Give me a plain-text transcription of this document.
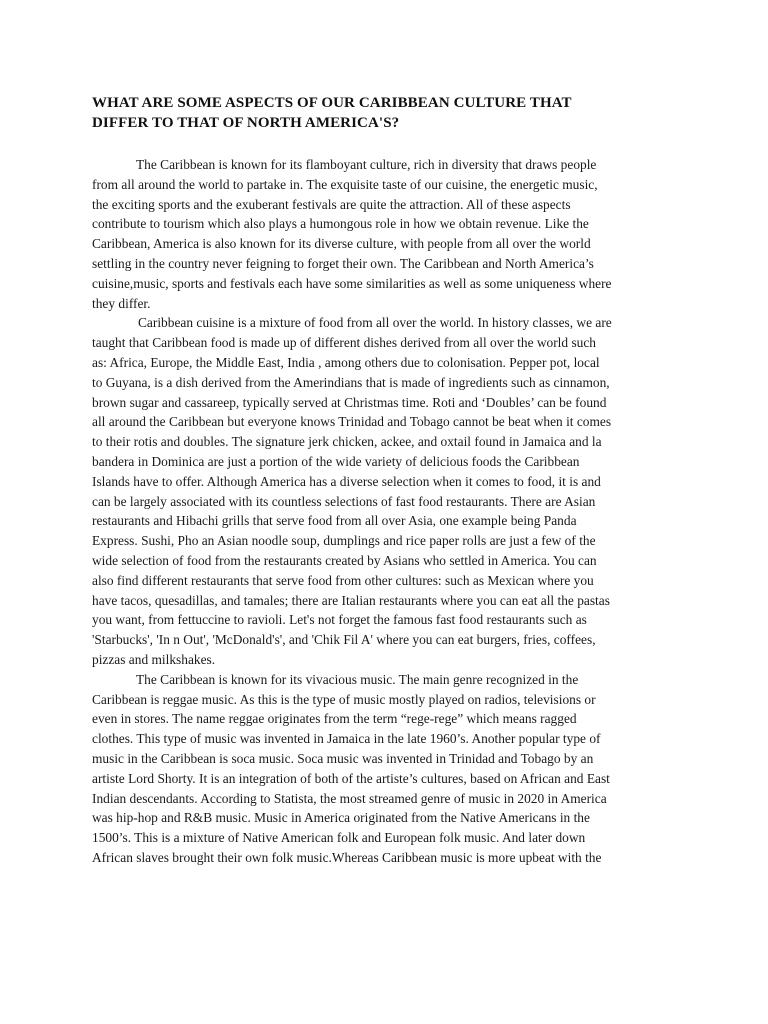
WHAT ARE SOME ASPECTS OF OUR CARIBBEAN CULTURE THAT
DIFFER TO THAT OF NORTH AMERICA'S?
The Caribbean is known for its flamboyant culture, rich in diversity that draws people
from all around the world to partake in. The exquisite taste of our cuisine, the energetic music,
the exciting sports and the exuberant festivals are quite the attraction. All of these aspects
contribute to tourism which also plays a humongous role in how we obtain revenue. Like the
Caribbean, America is also known for its diverse culture, with people from all over the world
settling in the country never feigning to forget their own. The Caribbean and North America’s
cuisine,music, sports and festivals each have some similarities as well as some uniqueness where
they differ.
Caribbean cuisine is a mixture of food from all over the world. In history classes, we are
taught that Caribbean food is made up of different dishes derived from all over the world such
as: Africa, Europe, the Middle East, India , among others due to colonisation. Pepper pot, local
to Guyana, is a dish derived from the Amerindians that is made of ingredients such as cinnamon,
brown sugar and cassareep, typically served at Christmas time. Roti and ‘Doubles’ can be found
all around the Caribbean but everyone knows Trinidad and Tobago cannot be beat when it comes
to their rotis and doubles. The signature jerk chicken, ackee, and oxtail found in Jamaica and la
bandera in Dominica are just a portion of the wide variety of delicious foods the Caribbean
Islands have to offer. Although America has a diverse selection when it comes to food, it is and
can be largely associated with its countless selections of fast food restaurants. There are Asian
restaurants and Hibachi grills that serve food from all over Asia, one example being Panda
Express. Sushi, Pho an Asian noodle soup, dumplings and rice paper rolls are just a few of the
wide selection of food from the restaurants created by Asians who settled in America. You can
also find different restaurants that serve food from other cultures: such as Mexican where you
have tacos, quesadillas, and tamales; there are Italian restaurants where you can eat all the pastas
you want, from fettuccine to ravioli. Let's not forget the famous fast food restaurants such as
'Starbucks', 'In n Out', 'McDonald's', and 'Chik Fil A' where you can eat burgers, fries, coffees,
pizzas and milkshakes.
The Caribbean is known for its vivacious music. The main genre recognized in the
Caribbean is reggae music. As this is the type of music mostly played on radios, televisions or
even in stores. The name reggae originates from the term “rege-rege” which means ragged
clothes. This type of music was invented in Jamaica in the late 1960’s. Another popular type of
music in the Caribbean is soca music. Soca music was invented in Trinidad and Tobago by an
artiste Lord Shorty. It is an integration of both of the artiste’s cultures, based on African and East
Indian descendants. According to Statista, the most streamed genre of music in 2020 in America
was hip-hop and R&B music. Music in America originated from the Native Americans in the
1500’s. This is a mixture of Native American folk and European folk music. And later down
African slaves brought their own folk music.Whereas Caribbean music is more upbeat with the
